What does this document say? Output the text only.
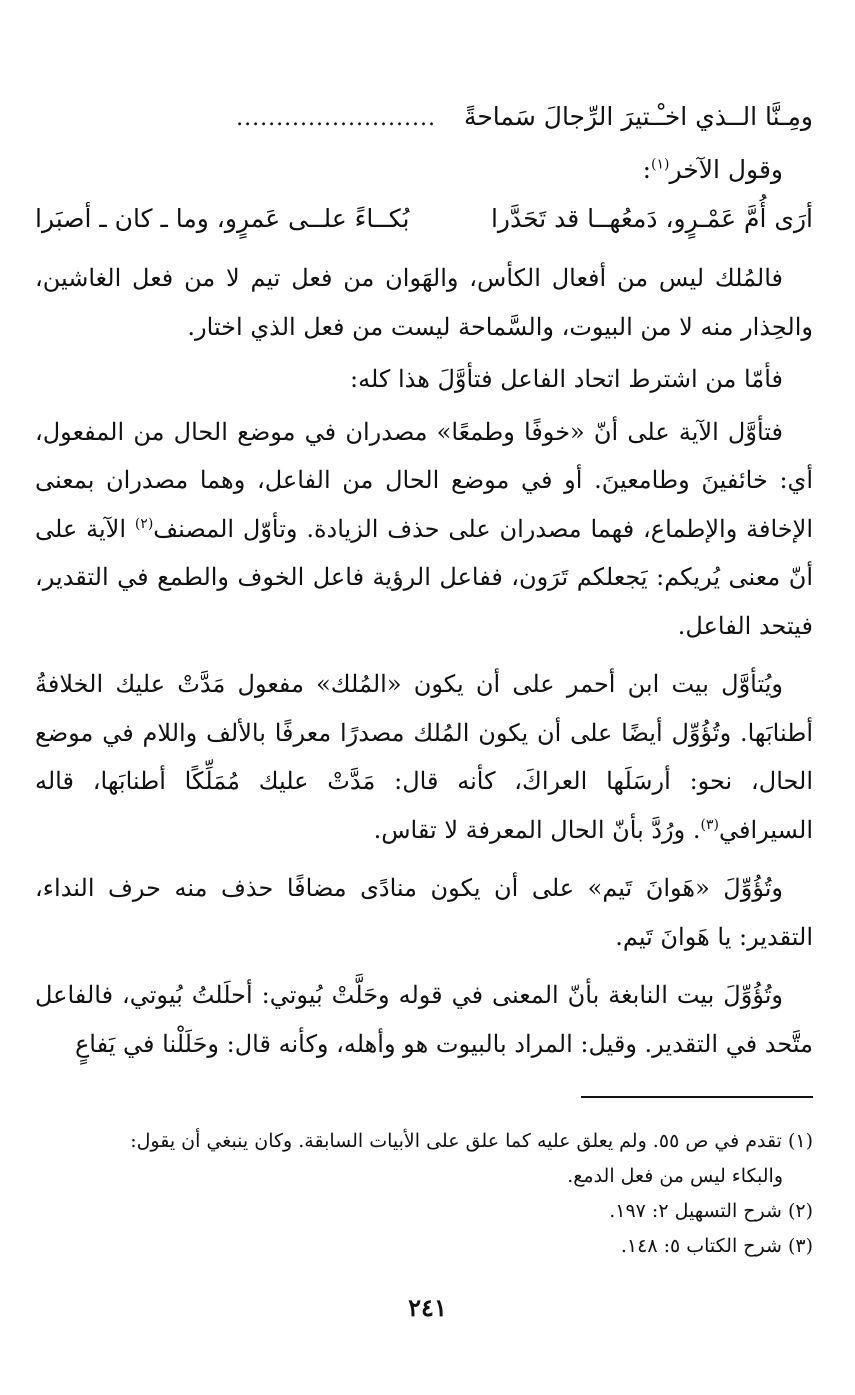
ومِـنَّا الــذي اخـْـتيرَ الرِّجالَ سَماحةً
.........................
وقول الآخر$^{(١)}$:
أرَى أُمَّ عَمْـرٍو، دَمعُهــا قد تَحَدَّرا
بُكــاءً علــى عَمرٍو، وما ـ كان ـ أصبَرا

فالمُلك ليس من أفعال الكأس، والهَوان من فعل تيم لا من فعل الغاشين، والحِذار منه لا من البيوت، والسَّماحة ليست من فعل الذي اختار.

فأمّا من اشترط اتحاد الفاعل فتأوَّلَ هذا كله:

فتأوَّل الآية على أنّ «خوفًا وطمعًا» مصدران في موضع الحال من المفعول، أي: خائفينَ وطامعينَ. أو في موضع الحال من الفاعل، وهما مصدران بمعنى الإخافة والإطماع، فهما مصدران على حذف الزيادة. وتأوّل المصنف$^{(٢)}$ الآية على أنّ معنى يُريكم: يَجعلكم تَرَون، ففاعل الرؤية فاعل الخوف والطمع في التقدير، فيتحد الفاعل.

ويُتأوَّل بيت ابن أحمر على أن يكون «المُلك» مفعول مَدَّتْ عليك الخلافةُ أطنابَها. وتُؤُوِّل أيضًا على أن يكون المُلك مصدرًا معرفًا بالألف واللام في موضع الحال، نحو: أرسَلَها العراكَ، كأنه قال: مَدَّتْ عليك مُمَلِّكًا أطنابَها، قاله السيرافي$^{(٣)}$. ورُدَّ بأنّ الحال المعرفة لا تقاس.

وتُؤُوِّلَ «هَوانَ تَيم» على أن يكون منادًى مضافًا حذف منه حرف النداء، التقدير: يا هَوانَ تَيم.

وتُؤُوِّلَ بيت النابغة بأنّ المعنى في قوله وحَلَّتْ بُيوتي: أحلَلتُ بُيوتي، فالفاعل متَّحد في التقدير. وقيل: المراد بالبيوت هو وأهله، وكأنه قال: وحَلَلْنا في يَفاعٍ

(١)تقدم في ص ٥٥. ولم يعلق عليه كما علق على الأبيات السابقة. وكان ينبغي أن يقول:
والبكاء ليس من فعل الدمع.

(٢)شرح التسهيل ٢: ١٩٧.

(٣)شرح الكتاب ٥: ١٤٨.

٢٤١
